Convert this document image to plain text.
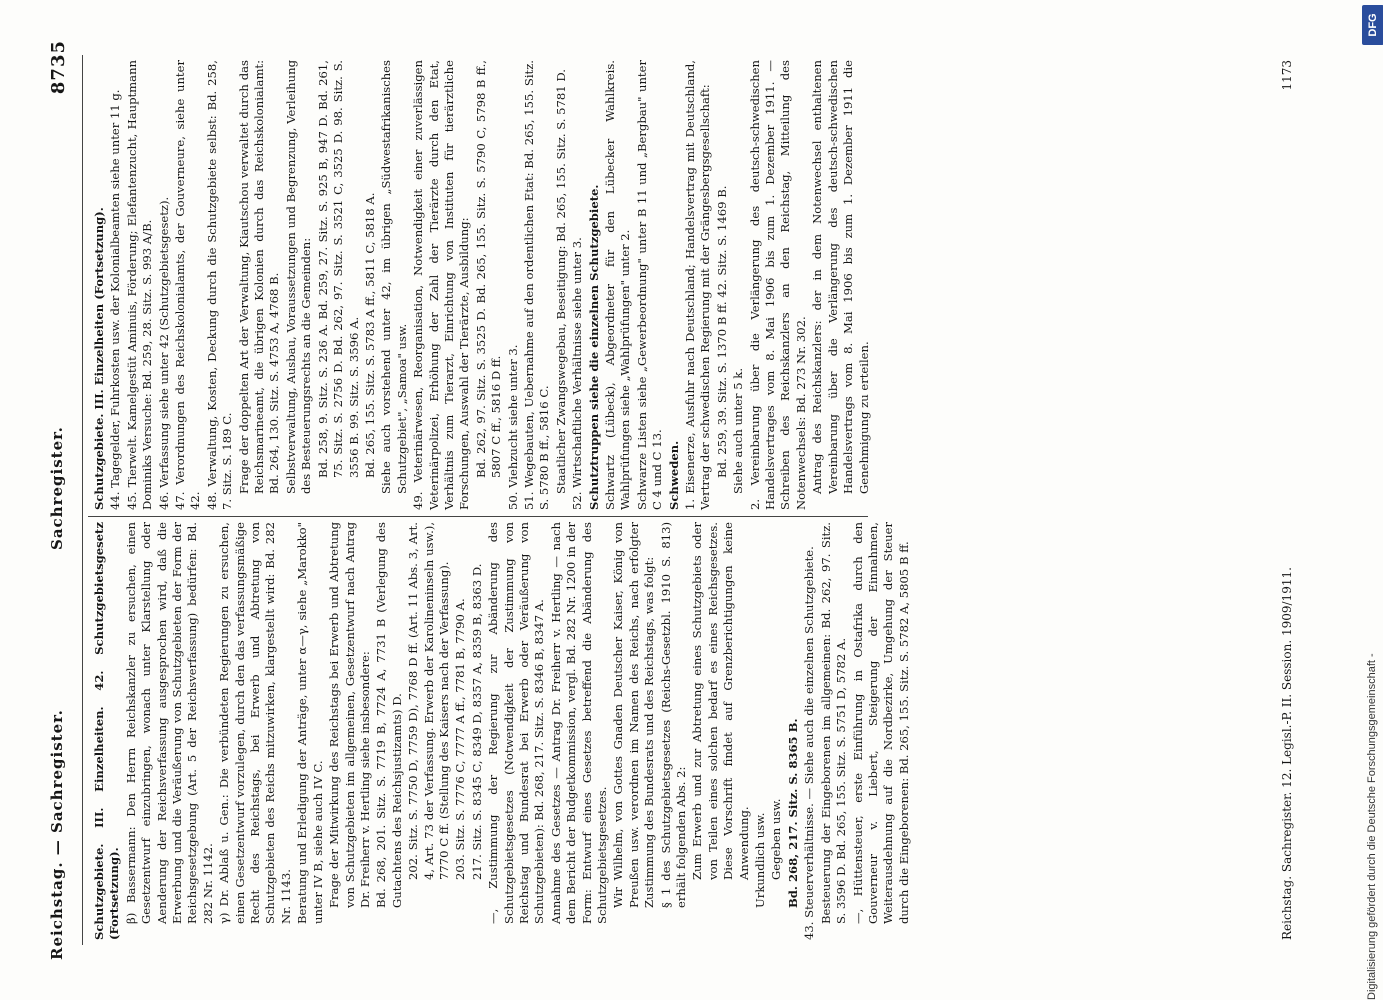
Reichstag. — Sachregister.
Sachregister.
8735

Schutzgebiete. III. Einzelheiten. 42. Schutzgebietsgesetz (Fortsetzung). β) Bassermann: Den Herrn Reichskanzler zu ersuchen, einen Gesetzentwurf einzubringen, wonach unter Klarstellung oder Aenderung der Reichsverfassung ausgesprochen wird, daß die Erwerbung und die Veräußerung von Schutzgebieten der Form der Reichsgesetzgebung (Art. 5 der Reichsverfassung) bedürfen: Bd. 282 Nr. 1142. γ) Dr. Ablaß u. Gen.: Die verbündeten Regierungen zu ersuchen, einen Gesetzentwurf vorzulegen, durch den das verfassungsmäßige Recht des Reichstags, bei Erwerb und Abtretung von Schutzgebieten des Reichs mitzuwirken, klargestellt wird: Bd. 282 Nr. 1143. Beratung und Erledigung der Anträge, unter α—γ, siehe „Marokko" unter IV B, siehe auch IV C. Frage der Mitwirkung des Reichstags bei Erwerb und Abtretung von Schutzgebieten im allgemeinen, Gesetzentwurf nach Antrag Dr. Freiherr v. Hertling siehe insbesondere: Bd. 268, 201. Sitz. S. 7719 B, 7724 A, 7731 B (Verlegung des Gutachtens des Reichsjustizamts) D. 202. Sitz. S. 7750 D, 7759 D), 7768 D ff. (Art. 11 Abs. 3, Art. 4, Art. 73 der Verfassung. Erwerb der Karolineninseln usw.), 7770 C ff. (Stellung des Kaisers nach der Verfassung). 203. Sitz. S. 7776 C, 7777 A ff., 7781 B, 7790 A. 217. Sitz. S. 8345 C, 8349 D, 8357 A, 8359 B, 8363 D. —, Zustimmung der Regierung zur Abänderung des Schutzgebietsgesetzes (Notwendigkeit der Zustimmung von Reichstag und Bundesrat bei Erwerb oder Veräußerung von Schutzgebieten): Bd. 268, 217. Sitz. S. 8346 B, 8347 A. Annahme des Gesetzes — Antrag Dr. Freiherr v. Hertling — nach dem Bericht der Budgetkommission, vergl. Bd. 282 Nr. 1200 in der Form: Entwurf eines Gesetzes betreffend die Abänderung des Schutzgebietsgesetzes. Wir Wilhelm, von Gottes Gnaden Deutscher Kaiser, König von Preußen usw. verordnen im Namen des Reichs, nach erfolgter Zustimmung des Bundesrats und des Reichstags, was folgt: § 1 des Schutzgebietsgesetzes (Reichs-Gesetzbl. 1910 S. 813) erhält folgenden Abs. 2: Zum Erwerb und zur Abtretung eines Schutzgebiets oder von Teilen eines solchen bedarf es eines Reichsgesetzes. Diese Vorschrift findet auf Grenzberichtigungen keine Anwendung. Urkundlich usw. Gegeben usw. Bd. 268, 217. Sitz. S. 8365 B. 43. Steuerverhältnisse. — Siehe auch die einzelnen Schutzgebiete. Besteuerung der Eingeborenen im allgemeinen: Bd. 262, 97. Sitz. S. 3596 D. Bd. 265, 155. Sitz. S. 5751 D, 5782 A. —, Hüttensteuer, erste Einführung in Ostafrika durch den Gouverneur v. Liebert, Steigerung der Einnahmen, Weiterausdehnung auf die Nordbezirke, Umgehung der Steuer durch die Eingeborenen: Bd. 265, 155. Sitz. S. 5782 A, 5805 B ff.

Schutzgebiete. III. Einzelheiten (Fortsetzung). 44. Tagegelder, Fuhrkosten usw. der Kolonialbeamten siehe unter 11 g. 45. Tierwelt. Kamelgestüt Aminuis, Förderung; Elefantenzucht, Hauptmann Dominiks Versuche: Bd. 259, 28. Sitz. S. 993 A/B. 46. Verfassung siehe unter 42 (Schutzgebietsgesetz). 47. Verordnungen des Reichskolonialamts, der Gouverneure, siehe unter 42. 48. Verwaltung, Kosten, Deckung durch die Schutzgebiete selbst: Bd. 258, 7. Sitz. S. 189 C. Frage der doppelten Art der Verwaltung, Kiautschou verwaltet durch das Reichsmarineamt, die übrigen Kolonien durch das Reichskolonialamt: Bd. 264, 130. Sitz. S. 4753 A, 4768 B. Selbstverwaltung, Ausbau, Voraussetzungen und Begrenzung, Verleihung des Besteuerungsrechts an die Gemeinden: Bd. 258, 9. Sitz. S. 236 A. Bd. 259, 27. Sitz. S. 925 B, 947 D. Bd. 261, 75. Sitz. S. 2756 D. Bd. 262, 97. Sitz. S. 3521 C, 3525 D. 98. Sitz. S. 3556 B. 99. Sitz. S. 3596 A. Bd. 265, 155. Sitz. S. 5783 A ff., 5811 C, 5818 A. Siehe auch vorstehend unter 42, im übrigen „Südwestafrikanisches Schutzgebiet", „Samoa" usw. 49. Veterinärwesen, Reorganisation, Notwendigkeit einer zuverlässigen Veterinärpolizei, Erhöhung der Zahl der Tierärzte durch den Etat, Verhältnis zum Tierarzt, Einrichtung von Instituten für tierärztliche Forschungen, Auswahl der Tierärzte, Ausbildung: Bd. 262, 97. Sitz. S. 3525 D. Bd. 265, 155. Sitz. S. 5790 C, 5798 B ff., 5807 C ff., 5816 D ff. 50. Viehzucht siehe unter 3. 51. Wegebauten, Uebernahme auf den ordentlichen Etat: Bd. 265, 155. Sitz. S. 5780 B ff., 5816 C. Staatlicher Zwangswegebau, Beseitigung: Bd. 265, 155. Sitz. S. 5781 D. 52. Wirtschaftliche Verhältnisse siehe unter 3. Schutztruppen siehe die einzelnen Schutzgebiete. Schwartz (Lübeck), Abgeordneter für den Lübecker Wahlkreis. Wahlprüfungen siehe „Wahlprüfungen" unter 2. Schwarze Listen siehe „Gewerbeordnung" unter B 11 und „Bergbau" unter C 4 und C 13. Schweden. 1. Eisenerze, Ausfuhr nach Deutschland; Handelsvertrag mit Deutschland, Vertrag der schwedischen Regierung mit der Grängesbergsgesellschaft: Bd. 259, 39. Sitz. S. 1370 B ff. 42. Sitz. S. 1469 B. Siehe auch unter 5 k. 2. Vereinbarung über die Verlängerung des deutsch-schwedischen Handelsvertrages vom 8. Mai 1906 bis zum 1. Dezember 1911. — Schreiben des Reichskanzlers an den Reichstag, Mitteilung des Notenwechsels: Bd. 273 Nr. 302. Antrag des Reichskanzlers: der in dem Notenwechsel enthaltenen Vereinbarung über die Verlängerung des deutsch-schwedischen Handelsvertrags vom 8. Mai 1906 bis zum 1. Dezember 1911 die Genehmigung zu erteilen.

Reichstag. Sachregister. 12. Legisl.-P. II. Session. 1909/1911.
1173
Digitalisierung gefördert durch die Deutsche Forschungsgemeinschaft -
DFG
